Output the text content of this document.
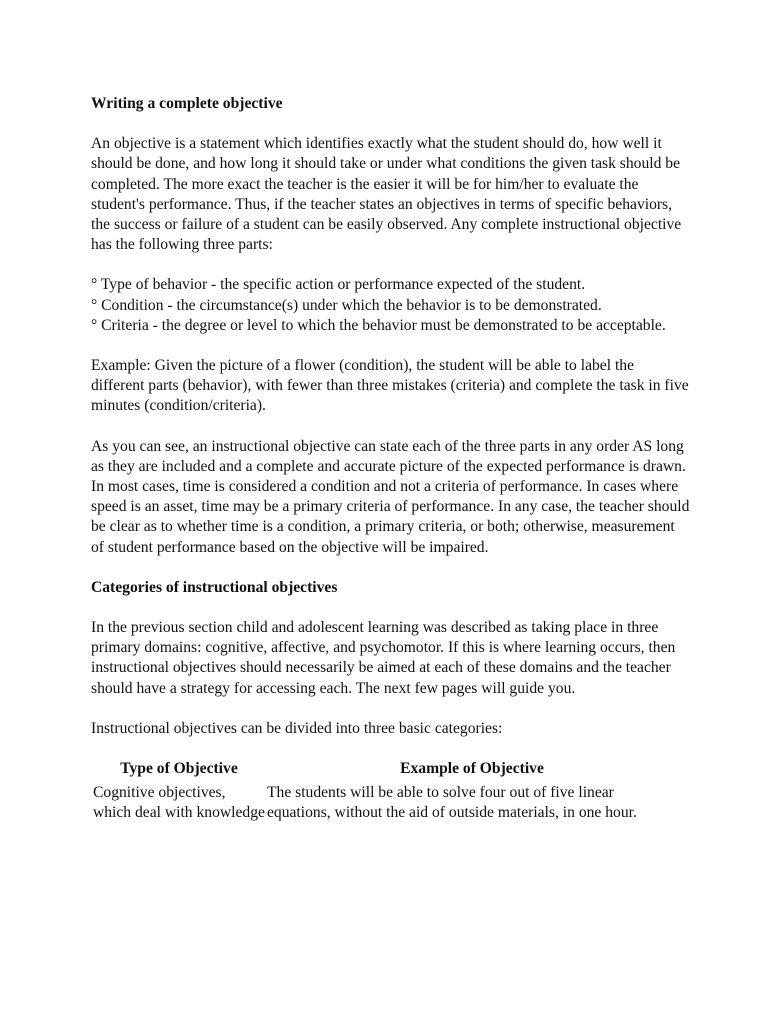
Writing a complete objective

An objective is a statement which identifies exactly what the student should do, how well it should be done, and how long it should take or under what conditions the given task should be completed. The more exact the teacher is the easier it will be for him/her to evaluate the student's performance. Thus, if the teacher states an objectives in terms of specific behaviors, the success or failure of a student can be easily observed. Any complete instructional objective has the following three parts:

° Type of behavior - the specific action or performance expected of the student.

° Condition - the circumstance(s) under which the behavior is to be demonstrated.

° Criteria - the degree or level to which the behavior must be demonstrated to be acceptable.

Example: Given the picture of a flower (condition), the student will be able to label the different parts (behavior), with fewer than three mistakes (criteria) and complete the task in five minutes (condition/criteria).

As you can see, an instructional objective can state each of the three parts in any order AS long as they are included and a complete and accurate picture of the expected performance is drawn. In most cases, time is considered a condition and not a criteria of performance. In cases where speed is an asset, time may be a primary criteria of performance. In any case, the teacher should be clear as to whether time is a condition, a primary criteria, or both; otherwise, measurement of student performance based on the objective will be impaired.

Categories of instructional objectives

In the previous section child and adolescent learning was described as taking place in three primary domains: cognitive, affective, and psychomotor. If this is where learning occurs, then instructional objectives should necessarily be aimed at each of these domains and the teacher should have a strategy for accessing each. The next few pages will guide you.

Instructional objectives can be divided into three basic categories:

Type of Objective	Example of Objective
Cognitive objectives, which deal with knowledge	The students will be able to solve four out of five linear equations, without the aid of outside materials, in one hour.
